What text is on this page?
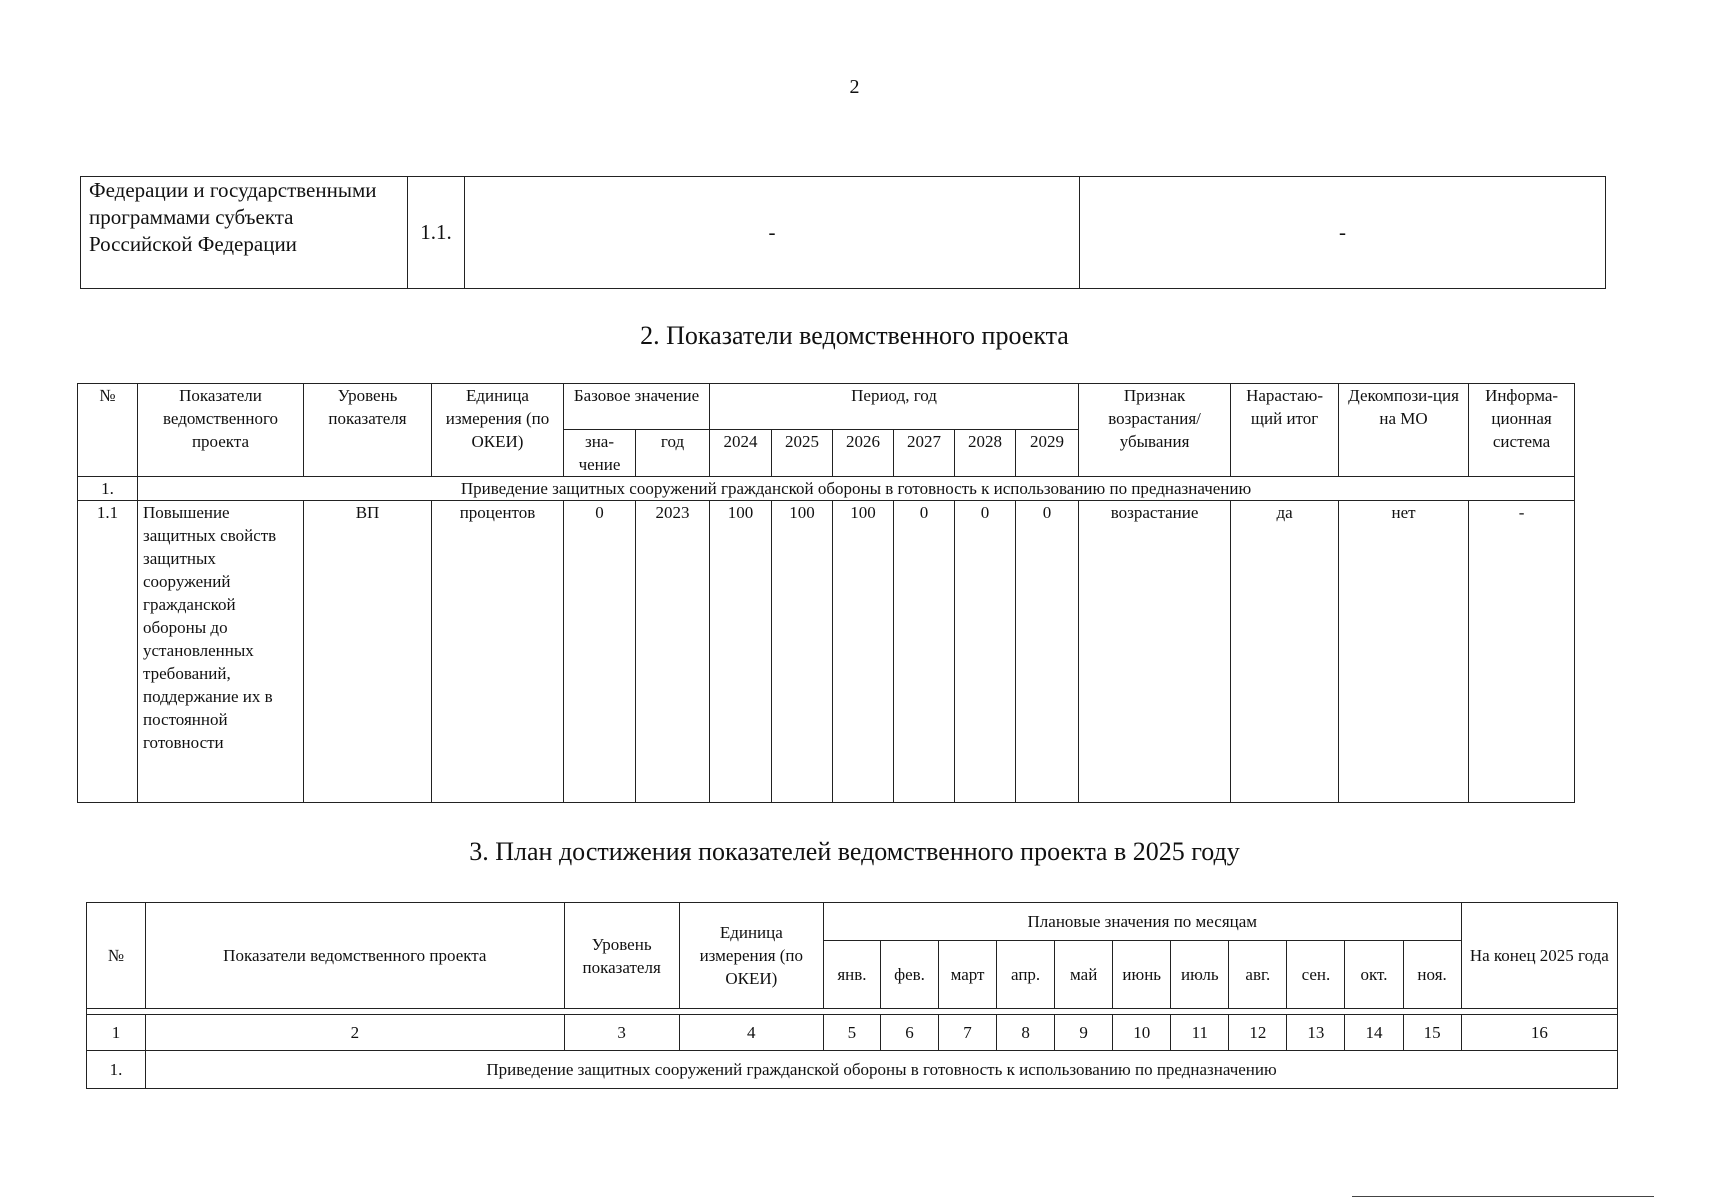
2
Федерации и государственными программами субъекта Российской Федерации	1.1.	-	-
2. Показатели ведомственного проекта
№	Показатели ведомственного проекта	Уровень показателя	Единица измерения (по ОКЕИ)	Базовое значение		Период, год						Признак возрастания/ убывания	Нарастаю-щий итог	Декомпози-ция на МО	Информа-ционная система
				зна-чение	год	2024	2025	2026	2027	2028	2029				
1.	Приведение защитных сооружений гражданской обороны в готовность к использованию по предназначению														
1.1	Повышение защитных свойств защитных сооружений гражданской обороны до установленных требований, поддержание их в постоянной готовности	ВП	процентов	0	2023	100	100	100	0	0	0	возрастание	да	нет	-
3. План достижения показателей ведомственного проекта в 2025 году
№	Показатели ведомственного проекта	Уровень показателя	Единица измерения (по ОКЕИ)	Плановые значения по месяцам											На конец 2025 года
				янв.	фев.	март	апр.	май	июнь	июль	авг.	сен.	окт.	ноя.	

1	2	3	4	5	6	7	8	9	10	11	12	13	14	15	16
1.	Приведение защитных сооружений гражданской обороны в готовность к использованию по предназначению														
